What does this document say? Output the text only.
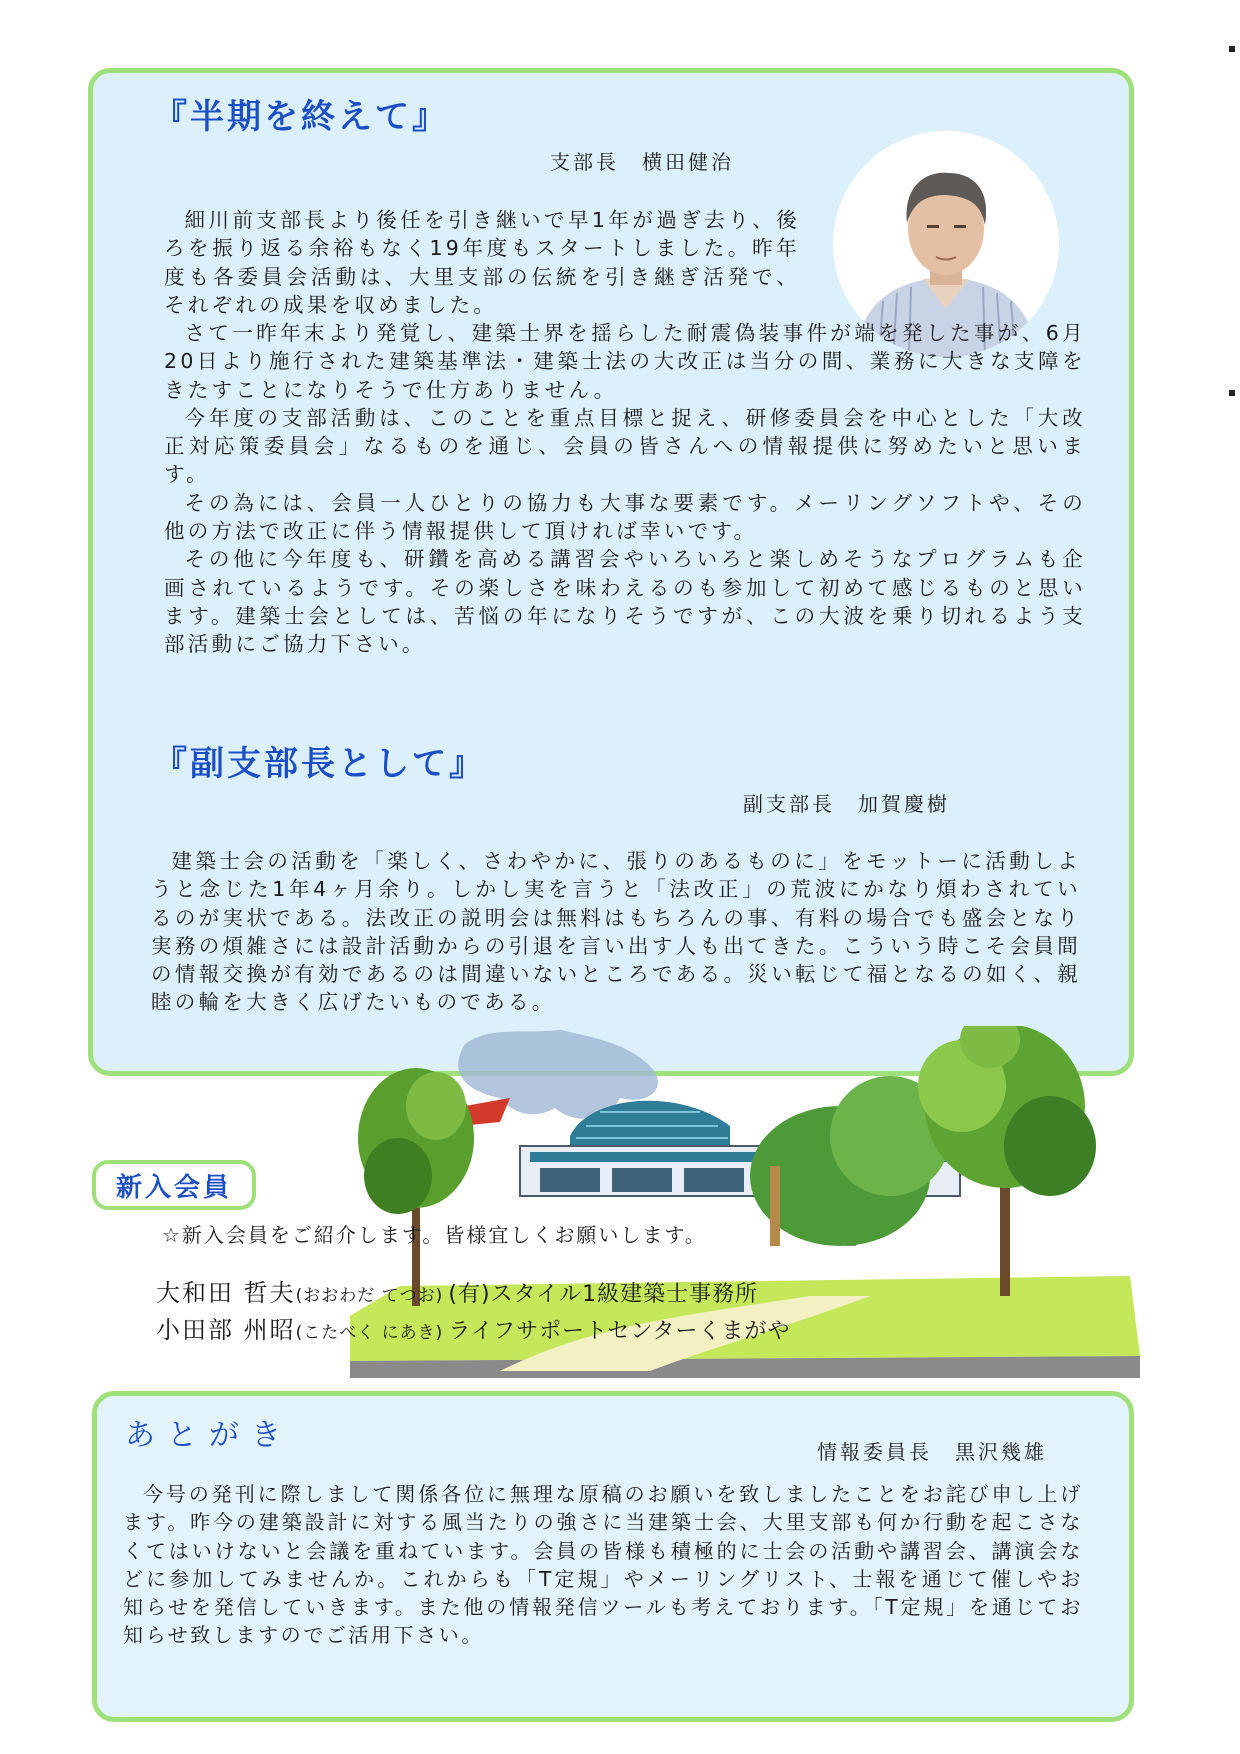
『半期を終えて』

支部長　横田健治

細川前支部長より後任を引き継いで早1年が過ぎ去り、後ろを振り返る余裕もなく19年度もスタートしました。昨年度も各委員会活動は、大里支部の伝統を引き継ぎ活発で、それぞれの成果を収めました。

さて一昨年末より発覚し、建築士界を揺らした耐震偽装事件が端を発した事が、6月20日より施行された建築基準法・建築士法の大改正は当分の間、業務に大きな支障をきたすことになりそうで仕方ありません。

今年度の支部活動は、このことを重点目標と捉え、研修委員会を中心とした「大改正対応策委員会」なるものを通じ、会員の皆さんへの情報提供に努めたいと思います。

その為には、会員一人ひとりの協力も大事な要素です。メーリングソフトや、その他の方法で改正に伴う情報提供して頂ければ幸いです。

その他に今年度も、研鑽を高める講習会やいろいろと楽しめそうなプログラムも企画されているようです。その楽しさを味わえるのも参加して初めて感じるものと思います。建築士会としては、苦悩の年になりそうですが、この大波を乗り切れるよう支部活動にご協力下さい。

『副支部長として』

副支部長　加賀慶樹

建築士会の活動を「楽しく、さわやかに、張りのあるものに」をモットーに活動しようと念じた1年4ヶ月余り。しかし実を言うと「法改正」の荒波にかなり煩わされているのが実状である。法改正の説明会は無料はもちろんの事、有料の場合でも盛会となり実務の煩雑さには設計活動からの引退を言い出す人も出てきた。こういう時こそ会員間の情報交換が有効であるのは間違いないところである。災い転じて福となるの如く、親睦の輪を大きく広げたいものである。

新入会員

☆新入会員をご紹介します。皆様宜しくお願いします。

大和田 哲夫(おおわだ てつお) (有)スタイル1級建築士事務所

小田部 州昭(こたべく にあき) ライフサポートセンターくまがや

あとがき	情報委員長　黒沢幾雄

今号の発刊に際しまして関係各位に無理な原稿のお願いを致しましたことをお詫び申し上げます。昨今の建築設計に対する風当たりの強さに当建築士会、大里支部も何か行動を起こさなくてはいけないと会議を重ねています。会員の皆様も積極的に士会の活動や講習会、講演会などに参加してみませんか。これからも「T定規」やメーリングリスト、士報を通じて催しやお知らせを発信していきます。また他の情報発信ツールも考えております。「T定規」を通じてお知らせ致しますのでご活用下さい。
